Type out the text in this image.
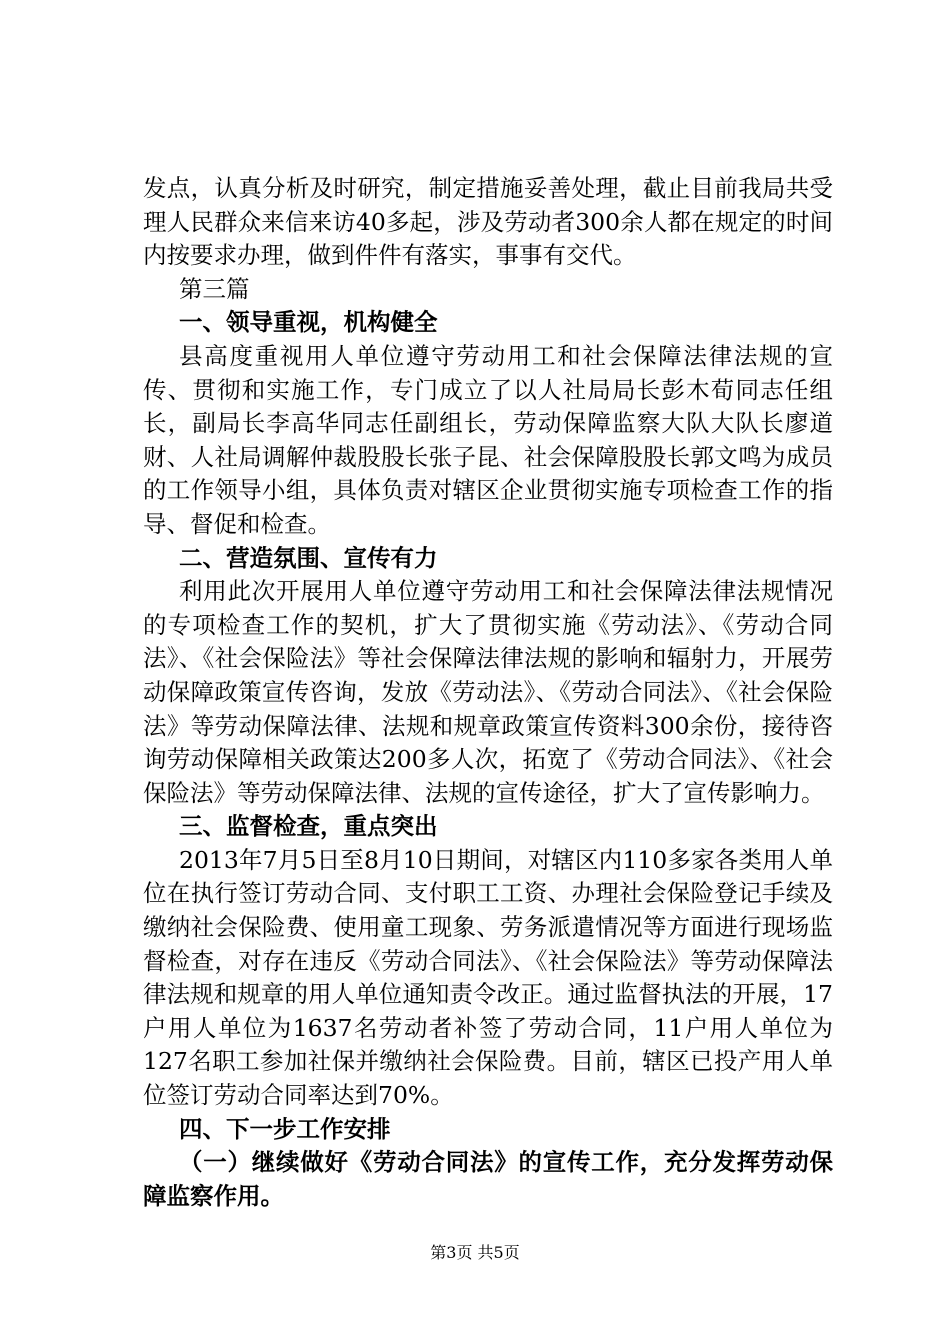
发点，认真分析及时研究，制定措施妥善处理，截止目前我局共受理人民群众来信来访40多起，涉及劳动者300余人都在规定的时间内按要求办理，做到件件有落实，事事有交代。

第三篇

一、领导重视，机构健全

县高度重视用人单位遵守劳动用工和社会保障法律法规的宣传、贯彻和实施工作，专门成立了以人社局局长彭木荀同志任组长，副局长李高华同志任副组长，劳动保障监察大队大队长廖道财、人社局调解仲裁股股长张子昆、社会保障股股长郭文鸣为成员的工作领导小组，具体负责对辖区企业贯彻实施专项检查工作的指导、督促和检查。

二、营造氛围、宣传有力

利用此次开展用人单位遵守劳动用工和社会保障法律法规情况的专项检查工作的契机，扩大了贯彻实施《劳动法》、《劳动合同法》、《社会保险法》等社会保障法律法规的影响和辐射力，开展劳动保障政策宣传咨询，发放《劳动法》、《劳动合同法》、《社会保险法》等劳动保障法律、法规和规章政策宣传资料300余份，接待咨询劳动保障相关政策达200多人次，拓宽了《劳动合同法》、《社会保险法》等劳动保障法律、法规的宣传途径，扩大了宣传影响力。

三、监督检查，重点突出

2013年7月5日至8月10日期间，对辖区内110多家各类用人单位在执行签订劳动合同、支付职工工资、办理社会保险登记手续及缴纳社会保险费、使用童工现象、劳务派遣情况等方面进行现场监督检查，对存在违反《劳动合同法》、《社会保险法》等劳动保障法律法规和规章的用人单位通知责令改正。通过监督执法的开展，17户用人单位为1637名劳动者补签了劳动合同，11户用人单位为127名职工参加社保并缴纳社会保险费。目前，辖区已投产用人单位签订劳动合同率达到70%。

四、下一步工作安排

（一）继续做好《劳动合同法》的宣传工作，充分发挥劳动保障监察作用。

第3页 共5页
